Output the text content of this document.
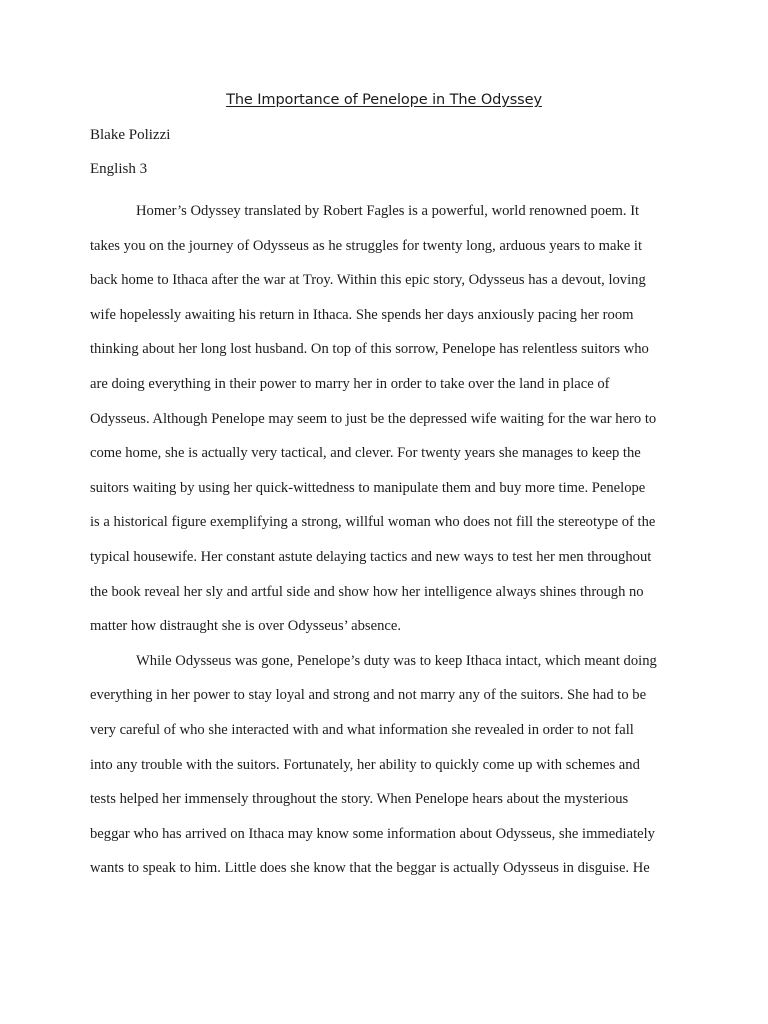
The Importance of Penelope in The Odyssey
Blake Polizzi
English 3
Homer’s Odyssey translated by Robert Fagles is a powerful, world renowned poem. It
takes you on the journey of Odysseus as he struggles for twenty long, arduous years to make it
back home to Ithaca after the war at Troy. Within this epic story, Odysseus has a devout, loving
wife hopelessly awaiting his return in Ithaca. She spends her days anxiously pacing her room
thinking about her long lost husband. On top of this sorrow, Penelope has relentless suitors who
are doing everything in their power to marry her in order to take over the land in place of
Odysseus. Although Penelope may seem to just be the depressed wife waiting for the war hero to
come home, she is actually very tactical, and clever. For twenty years she manages to keep the
suitors waiting by using her quick-wittedness to manipulate them and buy more time. Penelope
is a historical figure exemplifying a strong, willful woman who does not fill the stereotype of the
typical housewife. Her constant astute delaying tactics and new ways to test her men throughout
the book reveal her sly and artful side and show how her intelligence always shines through no
matter how distraught she is over Odysseus’ absence.
While Odysseus was gone, Penelope’s duty was to keep Ithaca intact, which meant doing
everything in her power to stay loyal and strong and not marry any of the suitors. She had to be
very careful of who she interacted with and what information she revealed in order to not fall
into any trouble with the suitors. Fortunately, her ability to quickly come up with schemes and
tests helped her immensely throughout the story. When Penelope hears about the mysterious
beggar who has arrived on Ithaca may know some information about Odysseus, she immediately
wants to speak to him. Little does she know that the beggar is actually Odysseus in disguise. He
